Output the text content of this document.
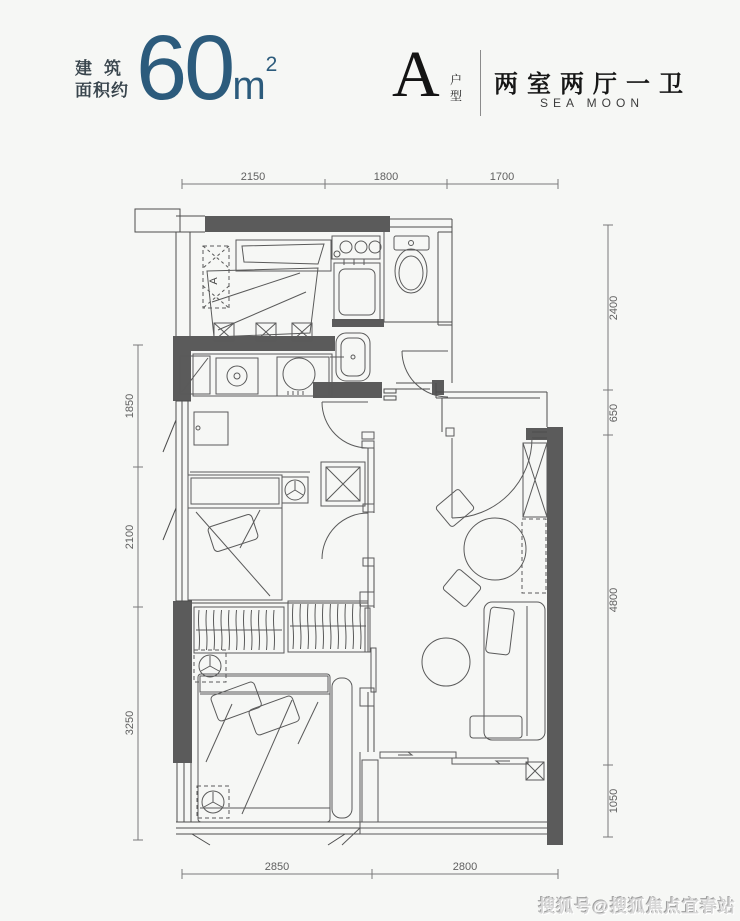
建筑
面积约 60m2 A 户型 两室两厅一卫
SEA MOON
2150	1800	1700
2850	2800
1850
2100
3250
2400
650
4800
1050
A
搜狐号@搜狐焦点宜春站
